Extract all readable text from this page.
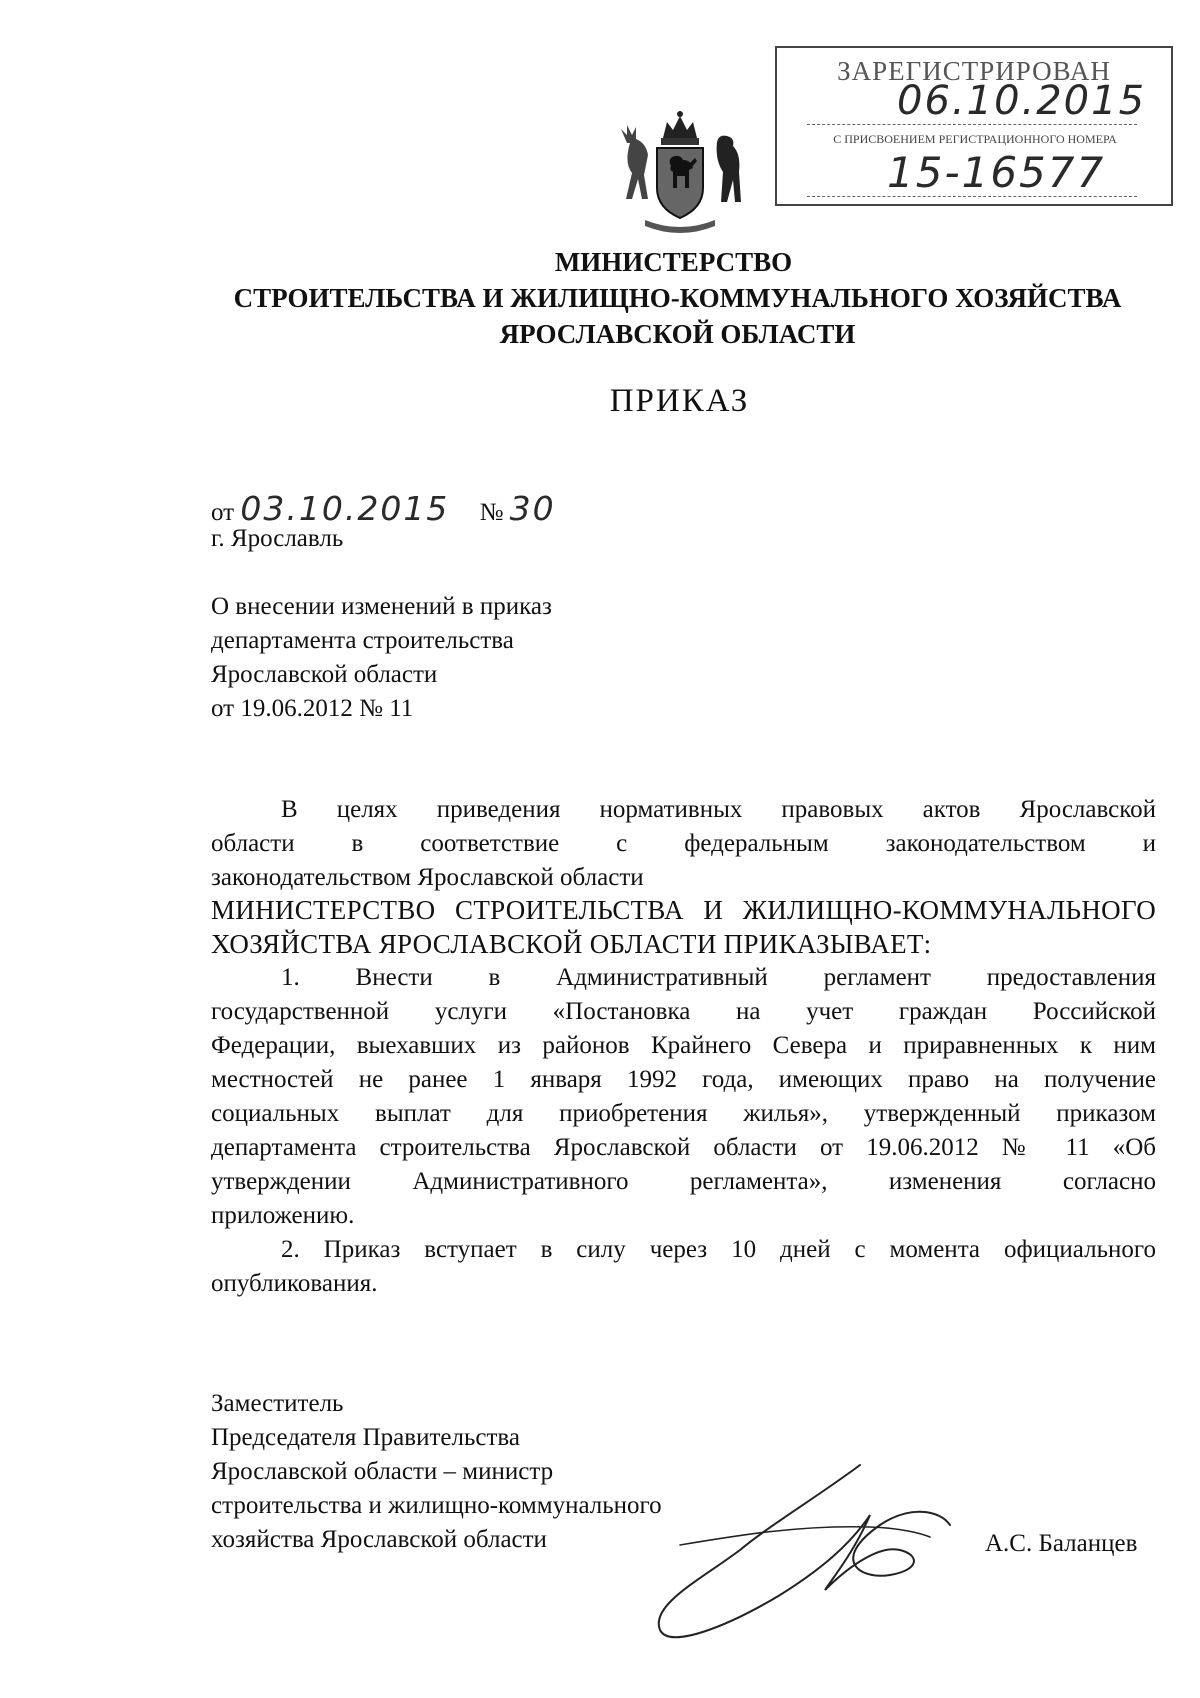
ЗАРЕГИСТРИРОВАН
06.10.2015
С ПРИСВОЕНИЕМ РЕГИСТРАЦИОННОГО НОМЕРА
15-16577
МИНИСТЕРСТВО
СТРОИТЕЛЬСТВА И ЖИЛИЩНО-КОММУНАЛЬНОГО ХОЗЯЙСТВА
ЯРОСЛАВСКОЙ ОБЛАСТИ
ПРИКАЗ
от 03.10.2015 № 30
г. Ярославль
О внесении изменений в приказ
департамента строительства
Ярославской области
от 19.06.2012 № 11
В целях приведения нормативных правовых актов Ярославской
области в соответствие с федеральным законодательством и
законодательством Ярославской области
МИНИСТЕРСТВО СТРОИТЕЛЬСТВА И ЖИЛИЩНО-КОММУНАЛЬНОГО
ХОЗЯЙСТВА ЯРОСЛАВСКОЙ ОБЛАСТИ ПРИКАЗЫВАЕТ:
1. Внести в Административный регламент предоставления
государственной услуги «Постановка на учет граждан Российской
Федерации, выехавших из районов Крайнего Севера и приравненных к ним
местностей не ранее 1 января 1992 года, имеющих право на получение
социальных выплат для приобретения жилья», утвержденный приказом
департамента строительства Ярославской области от 19.06.2012 № 11 «Об
утверждении Административного регламента», изменения согласно
приложению.
2. Приказ вступает в силу через 10 дней с момента официального
опубликования.
Заместитель
Председателя Правительства
Ярославской области – министр
строительства и жилищно-коммунального
хозяйства Ярославской области	А.С. Баланцев
